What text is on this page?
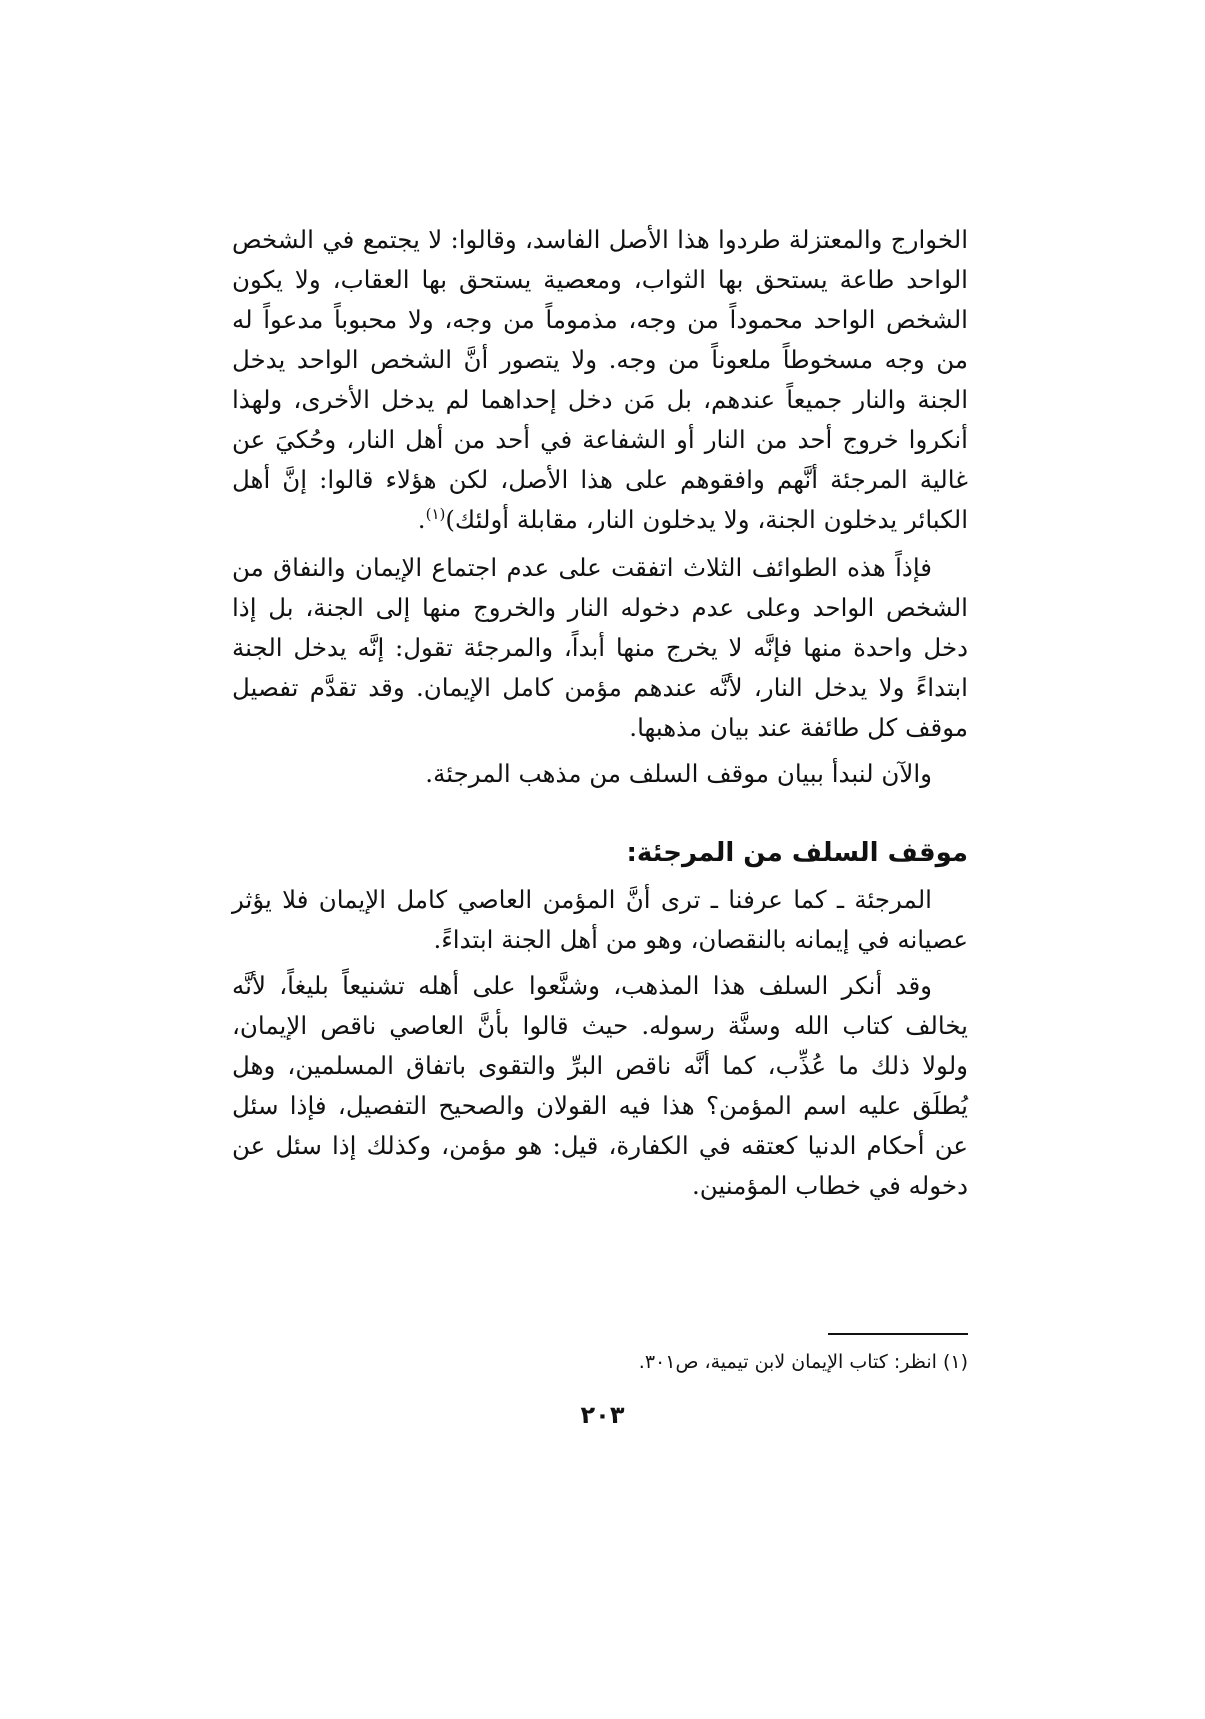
الخوارج والمعتزلة طردوا هذا الأصل الفاسد، وقالوا: لا يجتمع في الشخص الواحد طاعة يستحق بها الثواب، ومعصية يستحق بها العقاب، ولا يكون الشخص الواحد محموداً من وجه، مذموماً من وجه، ولا محبوباً مدعواً له من وجه مسخوطاً ملعوناً من وجه. ولا يتصور أنَّ الشخص الواحد يدخل الجنة والنار جميعاً عندهم، بل مَن دخل إحداهما لم يدخل الأخرى، ولهذا أنكروا خروج أحد من النار أو الشفاعة في أحد من أهل النار، وحُكيَ عن غالية المرجئة أنَّهم وافقوهم على هذا الأصل، لكن هؤلاء قالوا: إنَّ أهل الكبائر يدخلون الجنة، ولا يدخلون النار، مقابلة أولئك)$^{(١)}$.

فإذاً هذه الطوائف الثلاث اتفقت على عدم اجتماع الإيمان والنفاق من الشخص الواحد وعلى عدم دخوله النار والخروج منها إلى الجنة، بل إذا دخل واحدة منها فإنَّه لا يخرج منها أبداً، والمرجئة تقول: إنَّه يدخل الجنة ابتداءً ولا يدخل النار، لأنَّه عندهم مؤمن كامل الإيمان. وقد تقدَّم تفصيل موقف كل طائفة عند بيان مذهبها.

والآن لنبدأ ببيان موقف السلف من مذهب المرجئة.

موقف السلف من المرجئة:

المرجئة ـ كما عرفنا ـ ترى أنَّ المؤمن العاصي كامل الإيمان فلا يؤثر عصيانه في إيمانه بالنقصان، وهو من أهل الجنة ابتداءً.

وقد أنكر السلف هذا المذهب، وشنَّعوا على أهله تشنيعاً بليغاً، لأنَّه يخالف كتاب الله وسنَّة رسوله. حيث قالوا بأنَّ العاصي ناقص الإيمان، ولولا ذلك ما عُذِّب، كما أنَّه ناقص البرِّ والتقوى باتفاق المسلمين، وهل يُطلَق عليه اسم المؤمن؟ هذا فيه القولان والصحيح التفصيل، فإذا سئل عن أحكام الدنيا كعتقه في الكفارة، قيل: هو مؤمن، وكذلك إذا سئل عن دخوله في خطاب المؤمنين.

(١) انظر: كتاب الإيمان لابن تيمية، ص٣٠١.

٢٠٣
